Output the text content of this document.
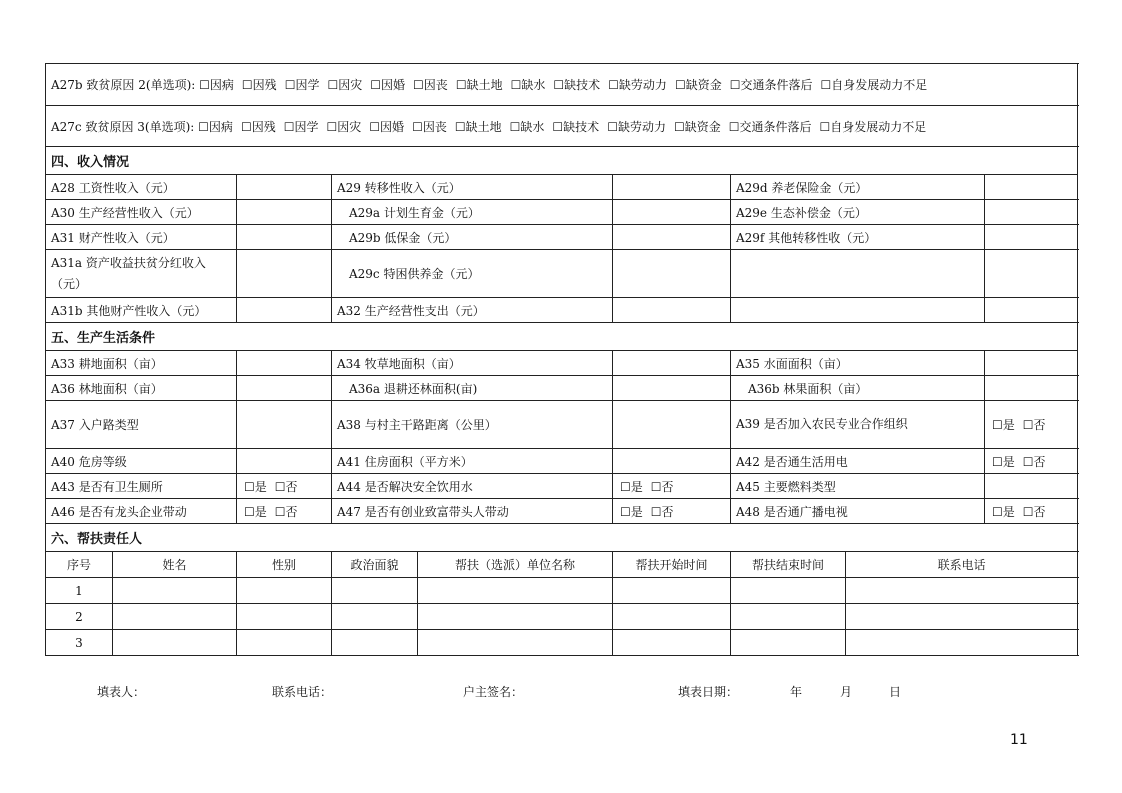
A27b 致贫原因 2(单选项): ☐因病 ☐因残 ☐因学 ☐因灾 ☐因婚 ☐因丧 ☐缺土地 ☐缺水 ☐缺技术 ☐缺劳动力 ☐缺资金 ☐交通条件落后 ☐自身发展动力不足									
A27c 致贫原因 3(单选项): ☐因病 ☐因残 ☐因学 ☐因灾 ☐因婚 ☐因丧 ☐缺土地 ☐缺水 ☐缺技术 ☐缺劳动力 ☐缺资金 ☐交通条件落后 ☐自身发展动力不足									
四、收入情况									
A28 工资性收入（元）			A29 转移性收入（元）			A29d 养老保险金（元）			
A30 生产经营性收入（元）			A29a 计划生育金（元）			A29e 生态补偿金（元）			
A31 财产性收入（元）			A29b 低保金（元）			A29f 其他转移性收（元）			
A31a 资产收益扶贫分红收入（元）			A29c 特困供养金（元）						
A31b 其他财产性收入（元）			A32 生产经营性支出（元）						
五、生产生活条件									
A33 耕地面积（亩）			A34 牧草地面积（亩）			A35 水面面积（亩）			
A36 林地面积（亩）			A36a 退耕还林面积(亩)			A36b 林果面积（亩）			
A37 入户路类型			A38 与村主干路距离（公里）			A39 是否加入农民专业合作组织		☐是 ☐否	
A40 危房等级			A41 住房面积（平方米）			A42 是否通生活用电		☐是 ☐否	
A43 是否有卫生厕所		☐是 ☐否	A44 是否解决安全饮用水		☐是 ☐否	A45 主要燃料类型			
A46 是否有龙头企业带动		☐是 ☐否	A47 是否有创业致富带头人带动		☐是 ☐否	A48 是否通广播电视		☐是 ☐否	
六、帮扶责任人									
序号	姓名	性别	政治面貌	帮扶（选派）单位名称	帮扶开始时间	帮扶结束时间	联系电话		
1									
2									
3									
填表人：	联系电话：	户主签名：	填表日期：	年	月	日
11
